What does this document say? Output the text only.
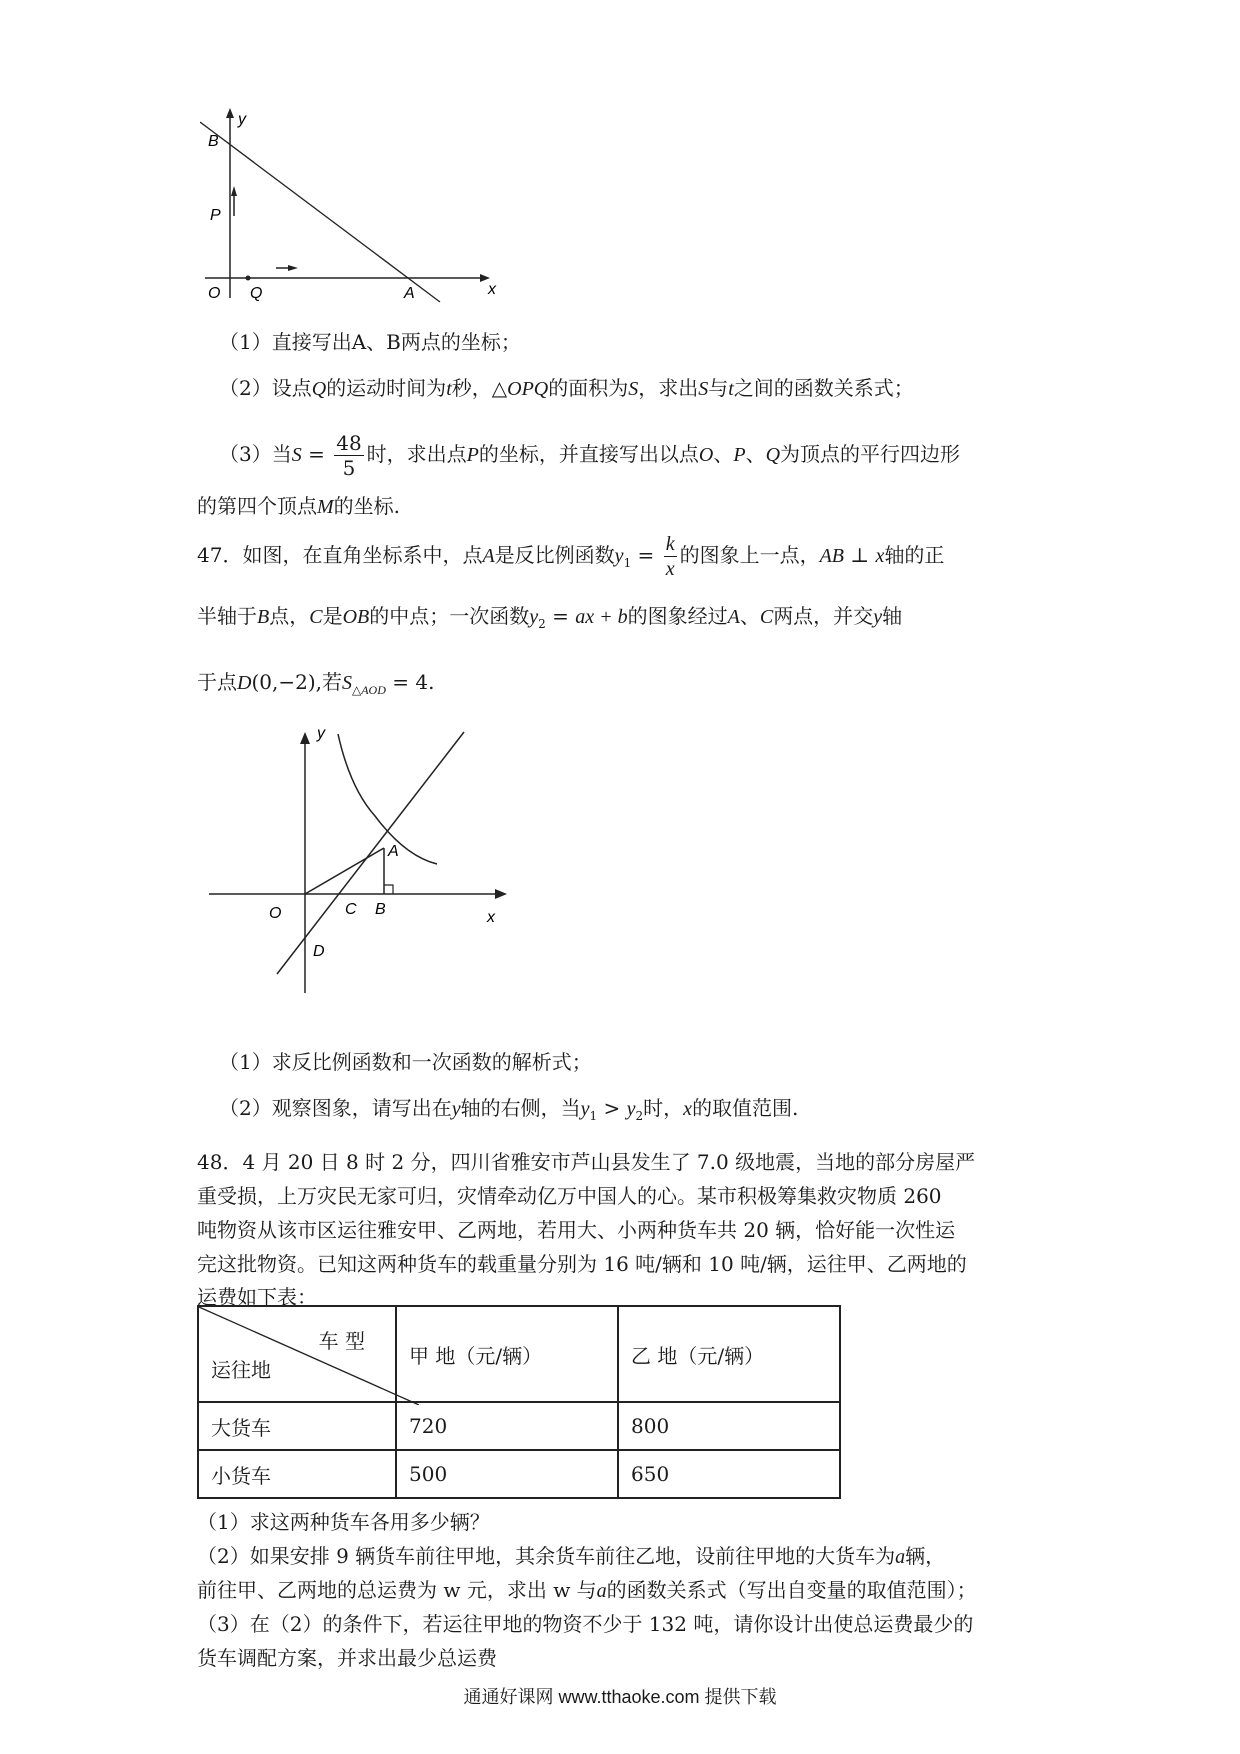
y
B
P
O Q	A	x
（1）直接写出A、B两点的坐标；
（2）设点Q的运动时间为t秒，△OPQ的面积为S，求出S与t之间的函数关系式；
（3）当$S = \frac{48}{5}$ 时，求出点P的坐标，并直接写出以点O、P、Q为顶点的平行四边形
的第四个顶点M的坐标.
47．如图，在直角坐标系中，点A是反比例函数$y_1 = \frac{k}{x}$ 的图象上一点，AB ⊥ x轴的正
半轴于B点，C是OB的中点；一次函数$y_2$ = ax + b的图象经过A、C两点，并交y轴
于点D(0,−2),若$S_{\triangle AOD} = 4$.
y
A
O	C B	x
D
（1）求反比例函数和一次函数的解析式；
（2）观察图象，请写出在y轴的右侧，当$y_1 > y_2$时，x的取值范围.
48．4 月 20 日 8 时 2 分，四川省雅安市芦山县发生了 7.0 级地震，当地的部分房屋严
重受损，上万灾民无家可归，灾情牵动亿万中国人的心。某市积极筹集救灾物质 260
吨物资从该市区运往雅安甲、乙两地，若用大、小两种货车共 20 辆，恰好能一次性运
完这批物资。已知这两种货车的载重量分别为 16 吨/辆和 10 吨/辆，运往甲、乙两地的
运费如下表：
车 型
运往地	甲 地（元/辆）	乙 地（元/辆）
大货车	720	800
小货车	500	650
（1）求这两种货车各用多少辆？
（2）如果安排 9 辆货车前往甲地，其余货车前往乙地，设前往甲地的大货车为a辆，
前往甲、乙两地的总运费为 w 元，求出 w 与a的函数关系式（写出自变量的取值范围）；
（3）在（2）的条件下，若运往甲地的物资不少于 132 吨，请你设计出使总运费最少的
货车调配方案，并求出最少总运费
通通好课网 www.tthaoke.com 提供下载
